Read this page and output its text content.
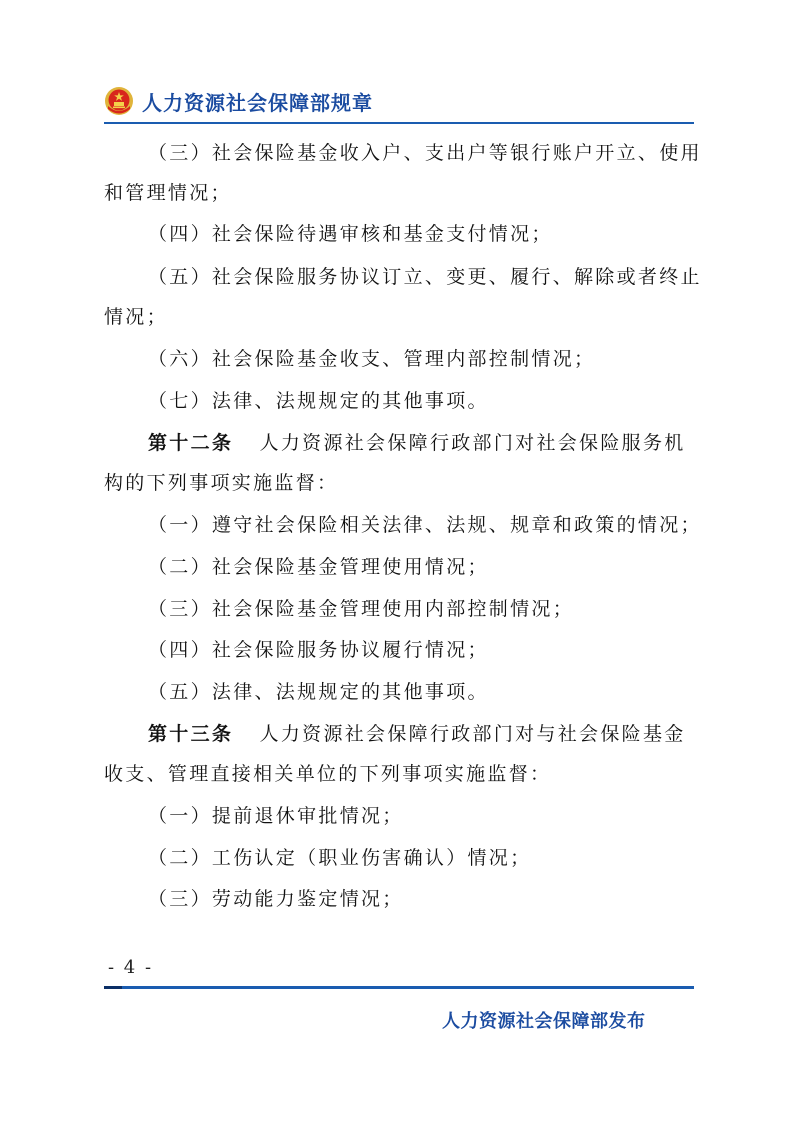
人力资源社会保障部规章
（三）社会保险基金收入户、支出户等银行账户开立、使用
和管理情况；
（四）社会保险待遇审核和基金支付情况；
（五）社会保险服务协议订立、变更、履行、解除或者终止
情况；
（六）社会保险基金收支、管理内部控制情况；
（七）法律、法规规定的其他事项。
第十二条 人力资源社会保障行政部门对社会保险服务机
构的下列事项实施监督：
（一）遵守社会保险相关法律、法规、规章和政策的情况；
（二）社会保险基金管理使用情况；
（三）社会保险基金管理使用内部控制情况；
（四）社会保险服务协议履行情况；
（五）法律、法规规定的其他事项。
第十三条 人力资源社会保障行政部门对与社会保险基金
收支、管理直接相关单位的下列事项实施监督：
（一）提前退休审批情况；
（二）工伤认定（职业伤害确认）情况；
（三）劳动能力鉴定情况；
- 4 -
人力资源社会保障部发布
